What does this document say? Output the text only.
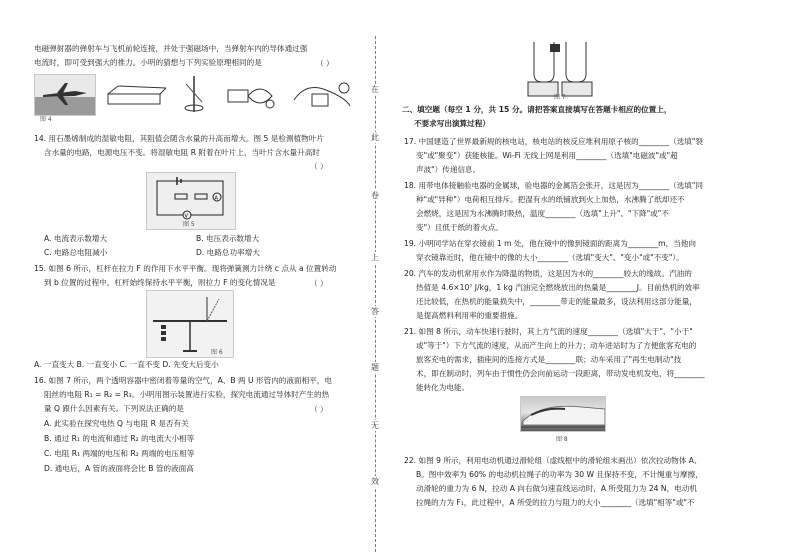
电磁弹射器的弹射车与飞机前轮连接，并处于强磁场中，当弹射车内的导体通过强
电流时，即可受到强大的推力。小明的猜想与下列实验原理相同的是	（ ）
图 4
14. 用石墨烯制成的湿敏电阻，其阻值会随含水量的升高而增大。图 5 是检测植物叶片
含水量的电路，电源电压不变。将湿敏电阻 R 附着在叶片上，当叶片含水量升高时
（ ）
A
V
图 5
A. 电流表示数增大	B. 电压表示数增大
C. 电路总电阻减小	D. 电路总功率增大
15. 如图 6 所示，杠杆在拉力 F 的作用下水平平衡。现将弹簧测力计绕 c 点从 a 位置转动
到 b 位置的过程中，杠杆始终保持水平平衡，则拉力 F 的变化情况是	（ ）
图 6
A. 一直变大 B. 一直变小 C. 一直不变 D. 先变大后变小
16. 如图 7 所示，两个透明容器中密闭着等量的空气，A、B 两 U 形管内的液面相平，电
阻丝的电阻 R₁ = R₂ = R₃。小明用图示装置进行实验，探究电流通过导体时产生的热
量 Q 跟什么因素有关。下列说法正确的是	（ ）
A. 此实验在探究电热 Q 与电阻 R 是否有关
B. 通过 R₁ 的电流和通过 R₂ 的电流大小相等
C. 电阻 R₁ 两端的电压和 R₂ 两端的电压相等
D. 通电后，A 管的液面将会比 B 管的液面高
在
此
卷
上
答
题
无
效
图 7
二、填空题（每空 1 分，共 15 分。请把答案直接填写在答题卡相应的位置上，
不要求写出演算过程）
17. 中国建造了世界最新规的核电站，核电站的核反应堆利用原子核的________（选填"裂
变"或"聚变"）获能核能。Wi-Fi 无线上网是利用________（选填"电磁波"或"超
声波"）传递信息。
18. 用带电体接触验电器的金属球，验电器的金属箔会张开，这是因为________（选填"同
种"或"异种"）电荷相互排斥。把湿有水的纸铺放到火上加热，水沸腾了纸却还不
会燃烧，这是因为水沸腾时吸热，温度________（选填"上升"、"下降"或"不
变"）且低于纸的着火点。
19. 小明同学站在穿衣镜前 1 m 处，他在镜中的像到镜面的距离为________m，当他向
穿衣镜靠近时，他在镜中的像的大小________（选填"变大"、"变小"或"不变"）。
20. 汽车的发动机常用水作为降温的物质，这是因为水的________较大的缘故。汽油的
热值是 4.6×10⁷ J/kg，1 kg 汽油完全燃烧放出的热量是________J。目前热机的效率
还比较低，在热机的能量损失中，________带走的能量最多，设法利用这部分能量，
是提高燃料利用率的重要措施。
21. 如图 8 所示，动车快速行驶时，其上方气流的速度________（选填"大于"、"小于"
或"等于"）下方气流的速度，从而产生向上的升力；动车进站时为了方便旅客充电的
旅客充电的需求，插座间的连接方式是________联；动车采用了"再生电制动"技
术，即在制动时，列车由于惯性仍会向前运动一段距离，带动发电机发电，将________
能转化为电能。
图 8
22. 如图 9 所示，利用电动机通过滑轮组（虚线框中的滑轮组未画出）依次拉动物体 A、
B。图中效率为 60% 的电动机拉绳子的功率为 30 W 且保持不变，不计绳重与摩擦，
动滑轮的重力为 6 N，拉动 A 向右做匀速直线运动时，A 所受阻力为 24 N，电动机
拉绳的力为 F₁，此过程中，A 所受的拉力与阻力的大小________（选填"相等"或"不
